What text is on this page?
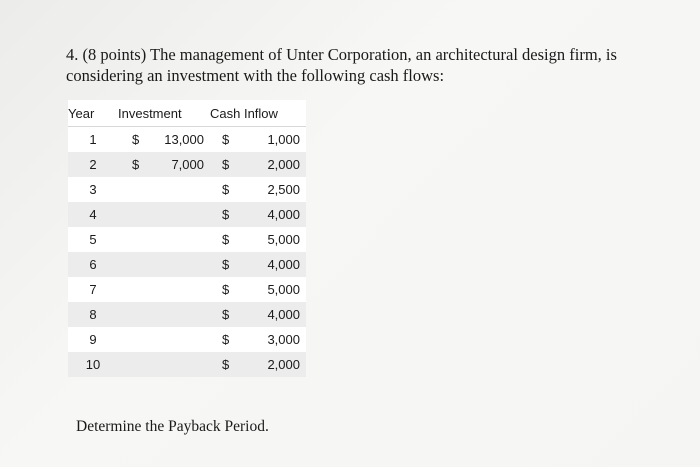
4. (8 points) The management of Unter Corporation, an architectural design firm, is considering an investment with the following cash flows:
Year	Investment	Cash Inflow
1	$ 13,000	$ 1,000

2	$ 7,000	$ 2,000

3		$ 2,500

4		$ 4,000

5		$ 5,000

6		$ 4,000

7		$ 5,000

8		$ 4,000

9		$ 3,000

10		$ 2,000
Determine the Payback Period.
